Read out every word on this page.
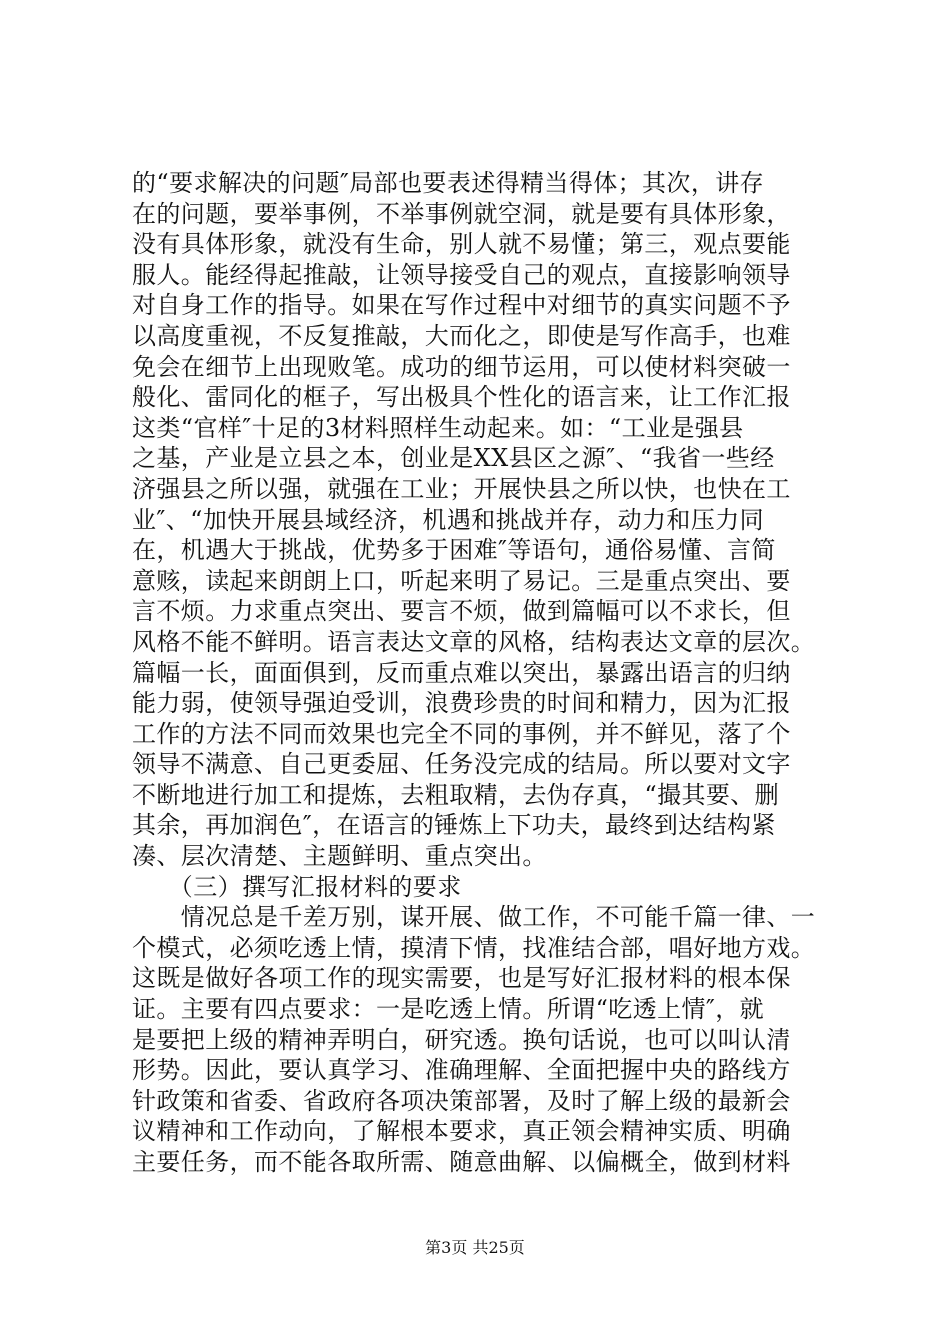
的“要求解决的问题″局部也要表述得精当得体；其次，讲存
在的问题，要举事例，不举事例就空洞，就是要有具体形象，
没有具体形象，就没有生命，别人就不易懂；第三，观点要能
服人。能经得起推敲，让领导接受自己的观点，直接影响领导
对自身工作的指导。如果在写作过程中对细节的真实问题不予
以高度重视，不反复推敲，大而化之，即使是写作高手，也难
免会在细节上出现败笔。成功的细节运用，可以使材料突破一
般化、雷同化的框子，写出极具个性化的语言来，让工作汇报
这类“官样″十足的3材料照样生动起来。如：“工业是强县
之基，产业是立县之本，创业是XX县区之源″、“我省一些经
济强县之所以强，就强在工业；开展快县之所以快，也快在工
业″、“加快开展县域经济，机遇和挑战并存，动力和压力同
在，机遇大于挑战，优势多于困难″等语句，通俗易懂、言简
意赅，读起来朗朗上口，听起来明了易记。三是重点突出、要
言不烦。力求重点突出、要言不烦，做到篇幅可以不求长，但
风格不能不鲜明。语言表达文章的风格，结构表达文章的层次。
篇幅一长，面面俱到，反而重点难以突出，暴露出语言的归纳
能力弱，使领导强迫受训，浪费珍贵的时间和精力，因为汇报
工作的方法不同而效果也完全不同的事例，并不鲜见，落了个
领导不满意、自己更委屈、任务没完成的结局。所以要对文字
不断地进行加工和提炼，去粗取精，去伪存真，“撮其要、删
其余，再加润色″，在语言的锤炼上下功夫，最终到达结构紧
凑、层次清楚、主题鲜明、重点突出。
　　（三）撰写汇报材料的要求
　　情况总是千差万别，谋开展、做工作，不可能千篇一律、一
个模式，必须吃透上情，摸清下情，找准结合部，唱好地方戏。
这既是做好各项工作的现实需要，也是写好汇报材料的根本保
证。主要有四点要求：一是吃透上情。所谓“吃透上情″，就
是要把上级的精神弄明白，研究透。换句话说，也可以叫认清
形势。因此，要认真学习、准确理解、全面把握中央的路线方
针政策和省委、省政府各项决策部署，及时了解上级的最新会
议精神和工作动向，了解根本要求，真正领会精神实质、明确
主要任务，而不能各取所需、随意曲解、以偏概全，做到材料
第3页 共25页
